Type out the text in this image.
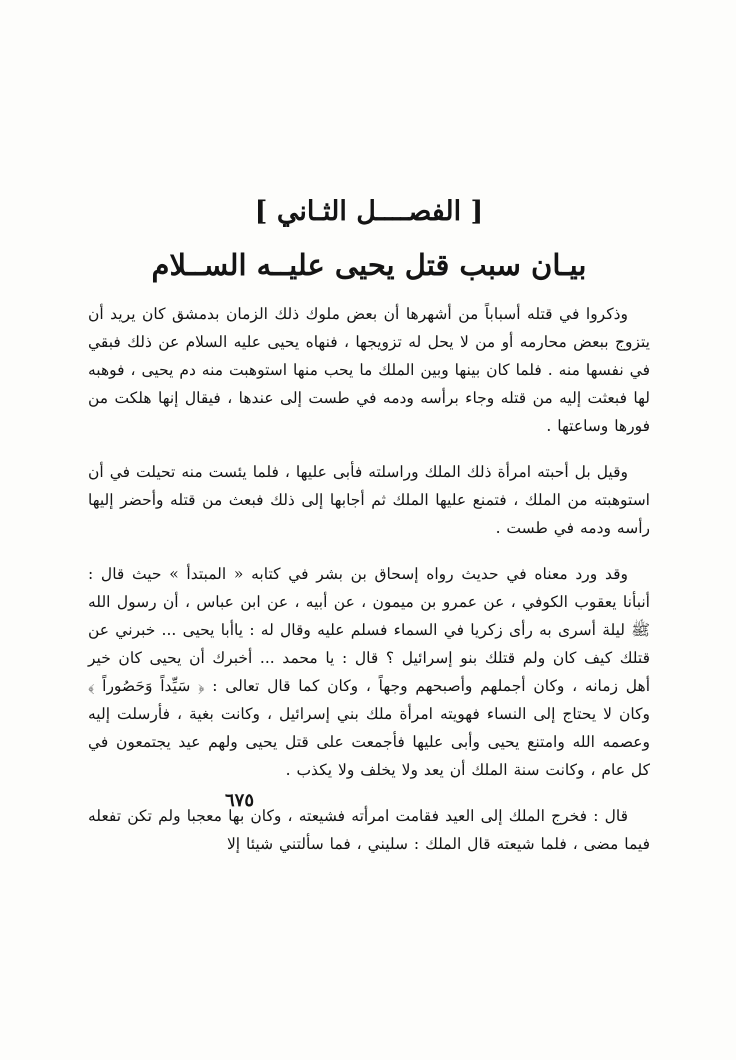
[ الفصــــل الثـاني ]
بيـان سبب قتل يحيى عليــه الســلام

وذكروا في قتله أسباباً من أشهرها أن بعض ملوك ذلك الزمان بدمشق كان يريد أن يتزوج ببعض محارمه أو من لا يحل له تزويجها ، فنهاه يحيى عليه السلام عن ذلك فبقي في نفسها منه . فلما كان بينها وبين الملك ما يحب منها استوهبت منه دم يحيى ، فوهبه لها فبعثت إليه من قتله وجاء برأسه ودمه في طست إلى عندها ، فيقال إنها هلكت من فورها وساعتها .

وقيل بل أحبته امرأة ذلك الملك وراسلته فأبى عليها ، فلما يئست منه تحيلت في أن استوهبته من الملك ، فتمنع عليها الملك ثم أجابها إلى ذلك فبعث من قتله وأحضر إليها رأسه ودمه في طست .

وقد ورد معناه في حديث رواه إسحاق بن بشر في كتابه « المبتدأ » حيث قال : أنبأنا يعقوب الكوفي ، عن عمرو بن ميمون ، عن أبيه ، عن ابن عباس ، أن رسول الله ﷺ ليلة أسرى به رأى زكريا في السماء فسلم عليه وقال له : ياأبا يحيى ... خبرني عن قتلك كيف كان ولم قتلك بنو إسرائيل ؟ قال : يا محمد ... أخبرك أن يحيى كان خير أهل زمانه ، وكان أجملهم وأصبحهم وجهاً ، وكان كما قال تعالى : ﴿ سَيِّداً وَحَصُوراً ﴾ وكان لا يحتاج إلى النساء فهويته امرأة ملك بني إسرائيل ، وكانت بغية ، فأرسلت إليه وعصمه الله وامتنع يحيى وأبى عليها فأجمعت على قتل يحيى ولهم عيد يجتمعون في كل عام ، وكانت سنة الملك أن يعد ولا يخلف ولا يكذب .

قال : فخرج الملك إلى العيد فقامت امرأته فشيعته ، وكان بها معجبا ولم تكن تفعله فيما مضى ، فلما شيعته قال الملك : سليني ، فما سألتني شيئا إلا

٦٧٥
